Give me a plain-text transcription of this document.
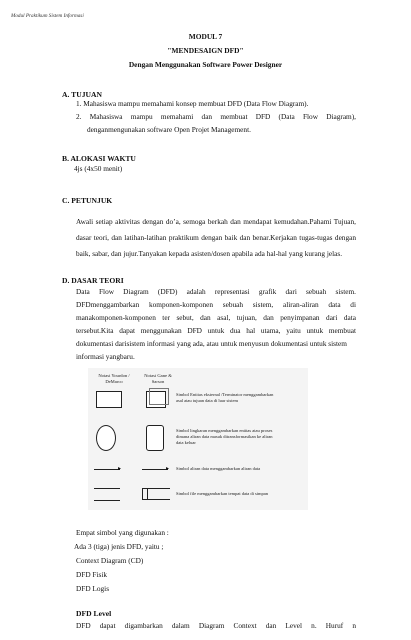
Modul Praktikum Sistem Informasi
MODUL 7
"MENDESAIGN DFD"
Dengan Menggunakan Software Power Designer
A. TUJUAN
1. Mahasiswa mampu memahami konsep membuat DFD (Data Flow Diagram).
2. Mahasiswa mampu memahami dan membuat DFD (Data Flow Diagram),
denganmengunakan software Open Projet Management.
B. ALOKASI WAKTU
4js (4x50 menit)
C. PETUNJUK
Awali setiap aktivitas dengan do’a, semoga berkah dan mendapat kemudahan.Pahami Tujuan,
dasar teori, dan latihan-latihan praktikum dengan baik dan benar.Kerjakan tugas-tugas dengan
baik, sabar, dan jujur.Tanyakan kepada asisten/dosen apabila ada hal-hal yang kurang jelas.
D. DASAR TEORI
Data Flow Diagram (DFD) adalah representasi grafik dari sebuah sistem.
DFDmenggambarkan komponen-komponen sebuah sistem, aliran-aliran data di
manakomponen-komponen ter sebut, dan asal, tujuan, dan penyimpanan dari data
tersebut.Kita dapat menggunakan DFD untuk dua hal utama, yaitu untuk membuat
dokumentasi darisistem informasi yang ada, atau untuk menyusun dokumentasi untuk sistem
informasi yangbaru.
Notasi Yourdon /
DeMarco
Notasi Gane &
Sarson
Simbol Entitas eksternal /Terminator menggambarkan
asal atau tujuan data di luar sistem
Simbol lingkaran menggambarkan entitas atau proses
dimana aliran data masuk ditransformasikan ke aliran
data keluar
▸	▸ Simbol aliran data menggambarkan aliran data
Simbol file menggambarkan tempat data di simpan
Empat simbol yang digunakan :
Ada 3 (tiga) jenis DFD, yaitu ;
Context Diagram (CD)
DFD Fisik
DFD Logis
DFD Level
DFD dapat digambarkan dalam Diagram Context dan Level n. Huruf n
